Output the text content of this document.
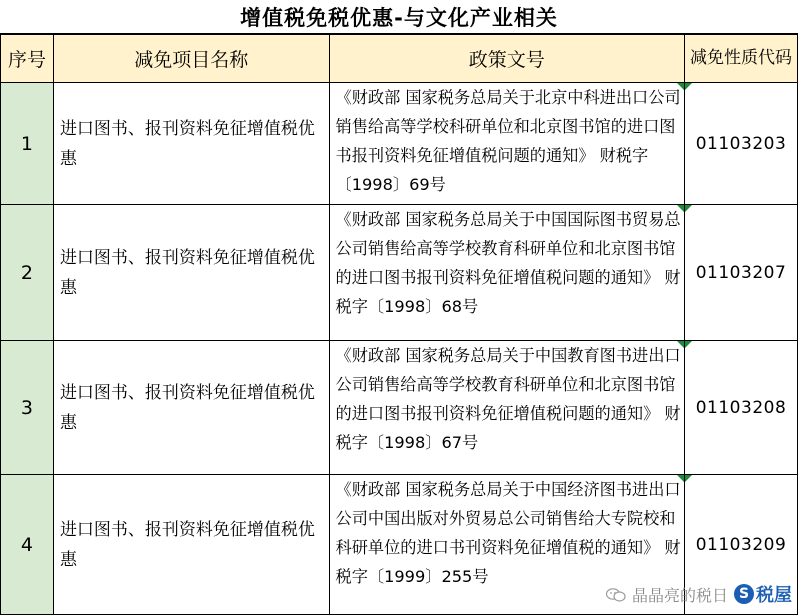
增值税免税优惠-与文化产业相关
序号	减免项目名称	政策文号	减免性质代码
1	进口图书、报刊资料免征增值税优惠	《财政部 国家税务总局关于北京中科进出口公司销售给高等学校科研单位和北京图书馆的进口图书报刊资料免征增值税问题的通知》 财税字〔1998〕69号	01103203
2	进口图书、报刊资料免征增值税优惠	《财政部 国家税务总局关于中国国际图书贸易总公司销售给高等学校教育科研单位和北京图书馆的进口图书报刊资料免征增值税问题的通知》 财税字〔1998〕68号	01103207
3	进口图书、报刊资料免征增值税优惠	《财政部 国家税务总局关于中国教育图书进出口公司销售给高等学校教育科研单位和北京图书馆的进口图书报刊资料免征增值税问题的通知》 财税字〔1998〕67号	01103208
4	进口图书、报刊资料免征增值税优惠	《财政部 国家税务总局关于中国经济图书进出口公司中国出版对外贸易总公司销售给大专院校和科研单位的进口书刊资料免征增值税的通知》 财税字〔1999〕255号	01103209
晶晶亮的税日 S 税屋
